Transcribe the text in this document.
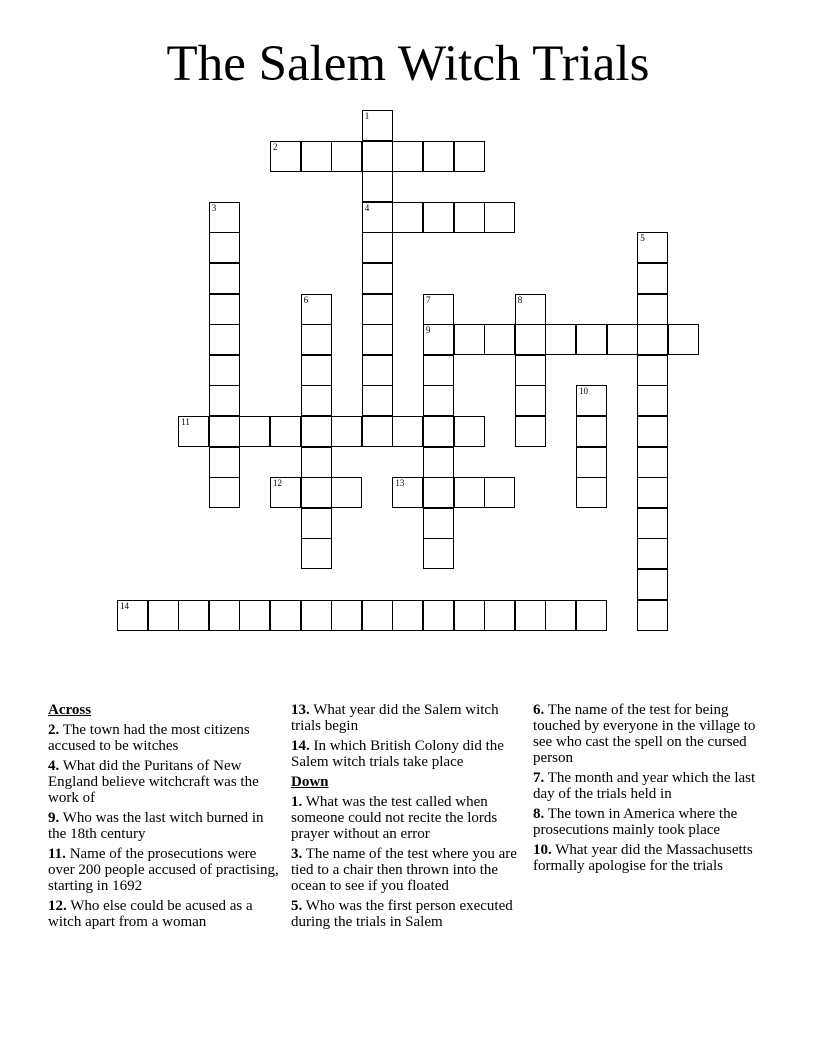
The Salem Witch Trials
2
4
9
11
12	13
14
1
3
5
6	7	8
10
Across
2. The town had the most citizens accused to be witches
4. What did the Puritans of New England believe witchcraft was the work of
9. Who was the last witch burned in the 18th century
11. Name of the prosecutions were over 200 people accused of practising, starting in 1692
12. Who else could be acused as a witch apart from a woman
13. What year did the Salem witch trials begin
14. In which British Colony did the Salem witch trials take place
Down
1. What was the test called when someone could not recite the lords prayer without an error
3. The name of the test where you are tied to a chair then thrown into the ocean to see if you floated
5. Who was the first person executed during the trials in Salem
6. The name of the test for being touched by everyone in the village to see who cast the spell on the cursed person
7. The month and year which the last day of the trials held in
8. The town in America where the prosecutions mainly took place
10. What year did the Massachusetts formally apologise for the trials
